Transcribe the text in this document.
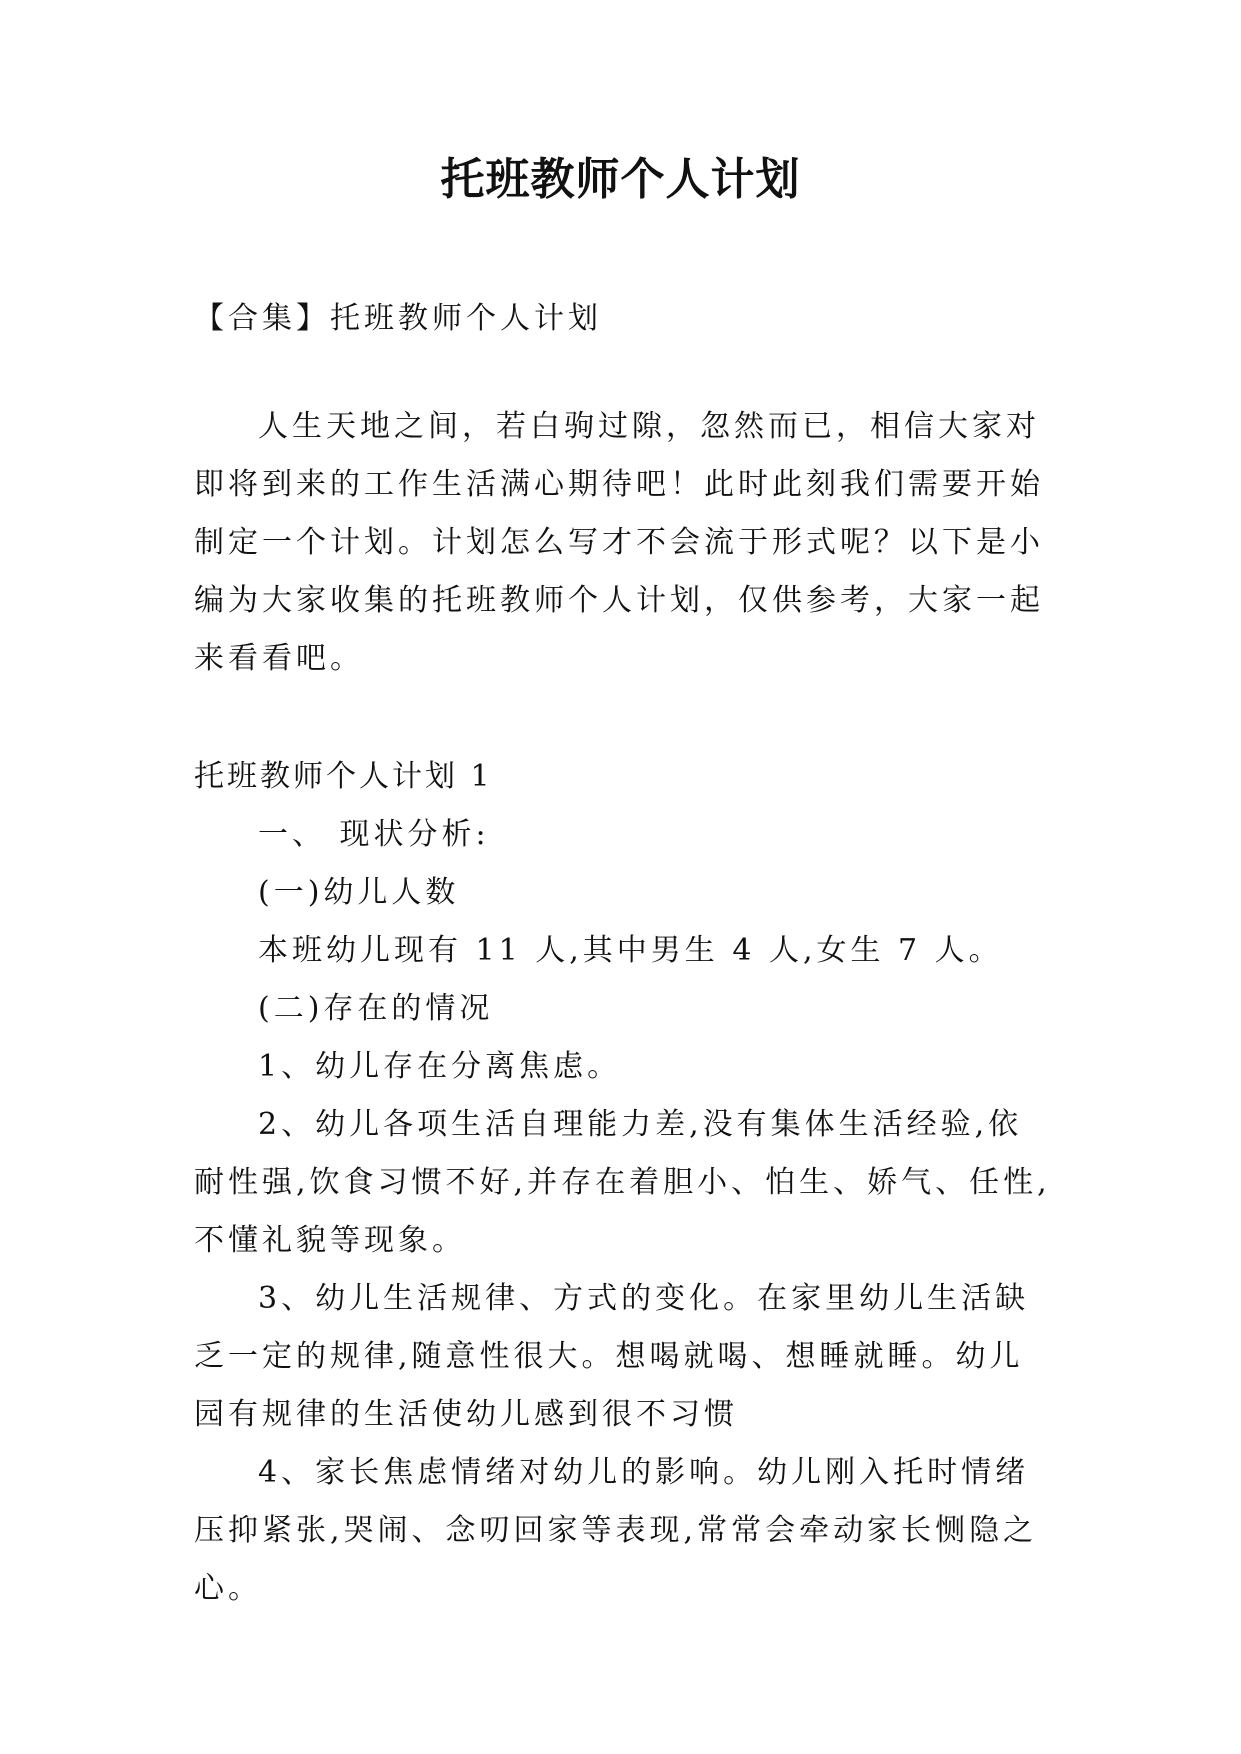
托班教师个人计划

【合集】托班教师个人计划

人生天地之间，若白驹过隙，忽然而已，相信大家对即将到来的工作生活满心期待吧！此时此刻我们需要开始制定一个计划。计划怎么写才不会流于形式呢？以下是小编为大家收集的托班教师个人计划，仅供参考，大家一起来看看吧。

托班教师个人计划 1

一、 现状分析:

(一)幼儿人数

本班幼儿现有 11 人,其中男生 4 人,女生 7 人。

(二)存在的情况

1、幼儿存在分离焦虑。

2、幼儿各项生活自理能力差,没有集体生活经验,依耐性强,饮食习惯不好,并存在着胆小、怕生、娇气、任性,不懂礼貌等现象。

3、幼儿生活规律、方式的变化。在家里幼儿生活缺乏一定的规律,随意性很大。想喝就喝、想睡就睡。幼儿园有规律的生活使幼儿感到很不习惯

4、家长焦虑情绪对幼儿的影响。幼儿刚入托时情绪压抑紧张,哭闹、念叨回家等表现,常常会牵动家长恻隐之心。
